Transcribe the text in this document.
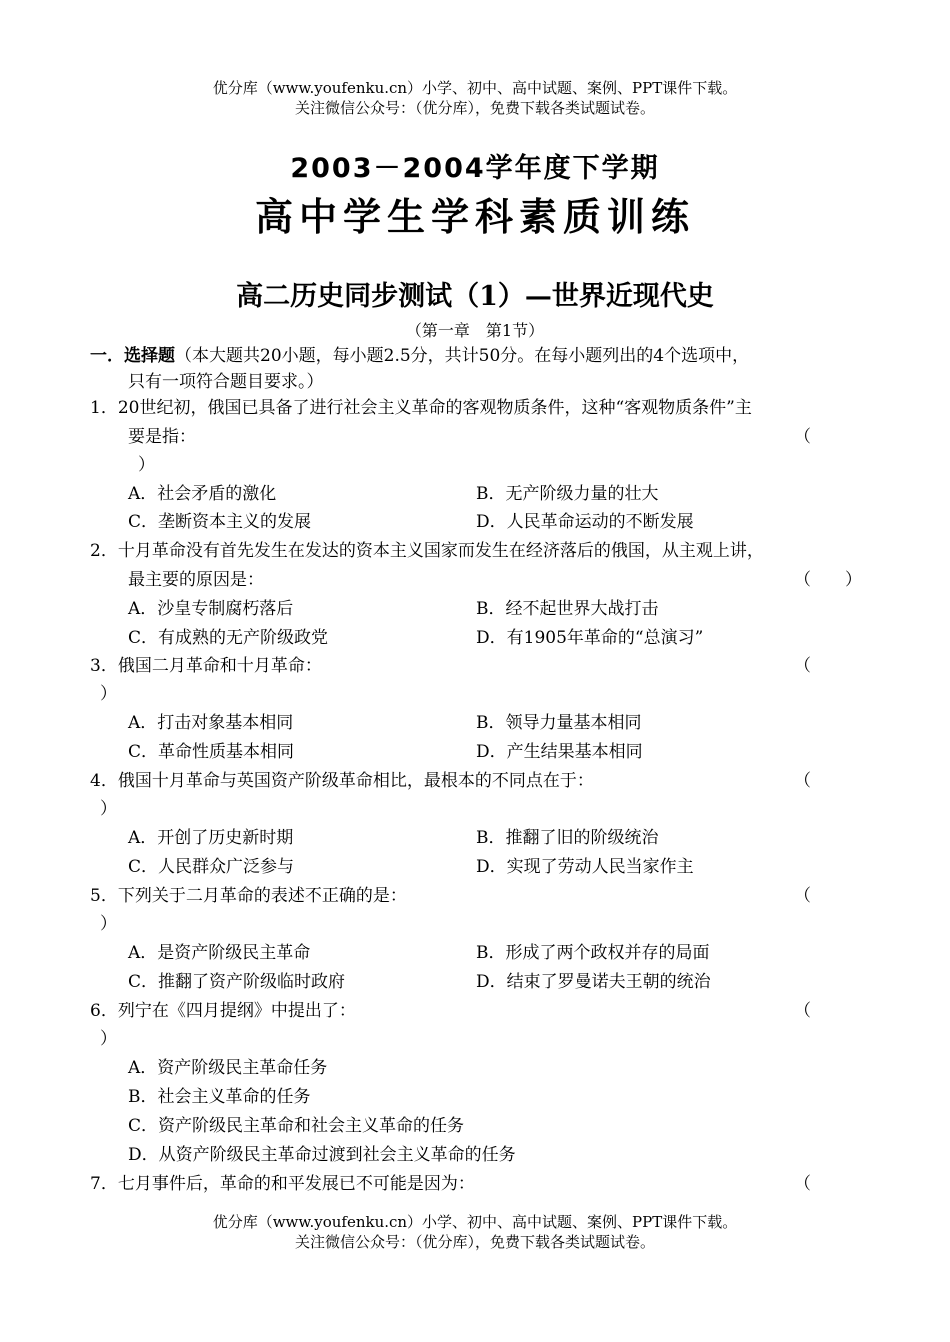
优分库（www.youfenku.cn）小学、初中、高中试题、案例、PPT课件下载。
关注微信公众号：（优分库），免费下载各类试题试卷。
2003－2004学年度下学期
高中学生学科素质训练
高二历史同步测试（1）—世界近现代史
（第一章　第1节）
一．选择题（本大题共20小题，每小题2.5分，共计50分。在每小题列出的4个选项中，
只有一项符合题目要求。）
1．20世纪初，俄国已具备了进行社会主义革命的客观物质条件，这种“客观物质条件”主
要是指：	（
）
A．社会矛盾的激化	B．无产阶级力量的壮大
C．垄断资本主义的发展	D．人民革命运动的不断发展
2．十月革命没有首先发生在发达的资本主义国家而发生在经济落后的俄国，从主观上讲，
最主要的原因是：	（　　）
A．沙皇专制腐朽落后	B．经不起世界大战打击
C．有成熟的无产阶级政党	D．有1905年革命的“总演习”
3．俄国二月革命和十月革命：	（
）
A．打击对象基本相同	B．领导力量基本相同
C．革命性质基本相同	D．产生结果基本相同
4．俄国十月革命与英国资产阶级革命相比，最根本的不同点在于：	（
）
A．开创了历史新时期	B．推翻了旧的阶级统治
C．人民群众广泛参与	D．实现了劳动人民当家作主
5．下列关于二月革命的表述不正确的是：	（
）
A．是资产阶级民主革命	B．形成了两个政权并存的局面
C．推翻了资产阶级临时政府	D．结束了罗曼诺夫王朝的统治
6．列宁在《四月提纲》中提出了：	（
）
A．资产阶级民主革命任务
B．社会主义革命的任务
C．资产阶级民主革命和社会主义革命的任务
D．从资产阶级民主革命过渡到社会主义革命的任务
7．七月事件后，革命的和平发展已不可能是因为：	（
优分库（www.youfenku.cn）小学、初中、高中试题、案例、PPT课件下载。
关注微信公众号：（优分库），免费下载各类试题试卷。
